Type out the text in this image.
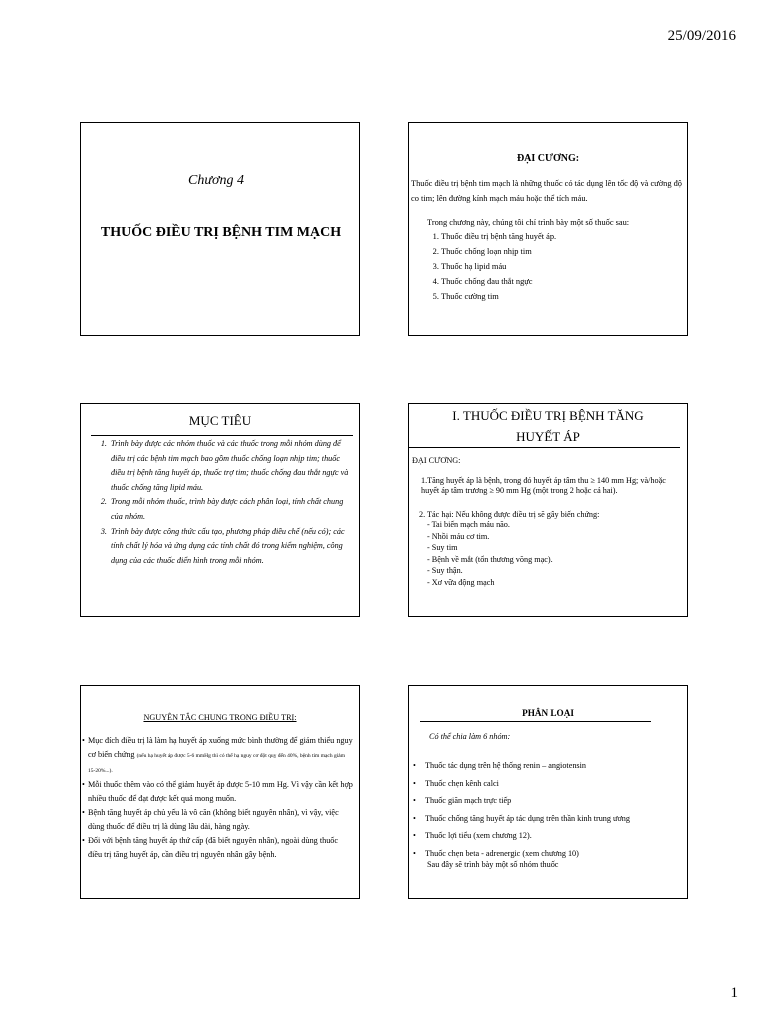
25/09/2016
Chương 4
THUỐC ĐIỀU TRỊ BỆNH TIM MẠCH
ĐẠI CƯƠNG:
Thuốc điều trị bệnh tim mạch là những thuốc có tác dụng lên tốc độ và cường độ co tim; lên đường kính mạch máu hoặc thể tích máu.
Trong chương này, chúng tôi chỉ trình bày một số thuốc sau:
1. Thuốc điều trị bệnh tăng huyết áp.
2. Thuốc chống loạn nhịp tim
3. Thuốc hạ lipid máu
4. Thuốc chống đau thắt ngực
5. Thuốc cường tim
MỤC TIÊU
1. Trình bày được các nhóm thuốc và các thuốc trong mỗi nhóm dùng để điều trị các bệnh tim mạch bao gồm thuốc chống loạn nhịp tim; thuốc điều trị bệnh tăng huyết áp, thuốc trợ tim; thuốc chống đau thắt ngực và thuốc chống tăng lipid máu.
2. Trong mỗi nhóm thuốc, trình bày được cách phân loại, tính chất chung của nhóm.
3. Trình bày được công thức cấu tạo, phương pháp điều chế (nếu có); các tính chất lý hóa và ứng dụng các tính chất đó trong kiểm nghiệm, công dụng của các thuốc điển hình trong mỗi nhóm.
I. THUỐC ĐIỀU TRỊ BỆNH TĂNG
HUYẾT ÁP
ĐẠI CƯƠNG:
1.Tăng huyết áp là bệnh, trong đó huyết áp tâm thu ≥ 140 mm Hg; và/hoặc huyết áp tâm trương ≥ 90 mm Hg (một trong 2 hoặc cả hai).
2. Tác hại: Nếu không được điều trị sẽ gây biến chứng:
- Tai biến mạch máu não.
- Nhồi máu cơ tim.
- Suy tim
- Bệnh về mắt (tổn thương võng mạc).
- Suy thận.
- Xơ vữa động mạch
NGUYÊN TẮC CHUNG TRONG ĐIỀU TRỊ:
• Mục đích điều trị là làm hạ huyết áp xuống mức bình thường để giảm thiểu nguy cơ biến chứng (nếu hạ huyết áp được 5-6 mmHg thì có thể hạ nguy cơ đột quỵ đến 40%, bệnh tim mạch giảm 15-20%...).
• Mỗi thuốc thêm vào có thể giảm huyết áp được 5-10 mm Hg. Vì vậy cần kết hợp nhiều thuốc để đạt được kết quả mong muốn.
• Bệnh tăng huyết áp chủ yếu là vô căn (không biết nguyên nhân), vì vậy, việc dùng thuốc để điều trị là dùng lâu dài, hàng ngày.
• Đối với bệnh tăng huyết áp thứ cấp (đã biết nguyên nhân), ngoài dùng thuốc điều trị tăng huyết áp, cần điều trị nguyên nhân gây bệnh.
PHÂN LOẠI
Có thể chia làm 6 nhóm:
• Thuốc tác dụng trên hệ thống renin – angiotensin
• Thuốc chẹn kênh calci
• Thuốc giãn mạch trực tiếp
• Thuốc chống tăng huyết áp tác dụng trên thần kinh trung ương
• Thuốc lợi tiểu (xem chương 12).
• Thuốc chẹn beta - adrenergic (xem chương 10)
Sau đây sẽ trình bày một số nhóm thuốc
1
